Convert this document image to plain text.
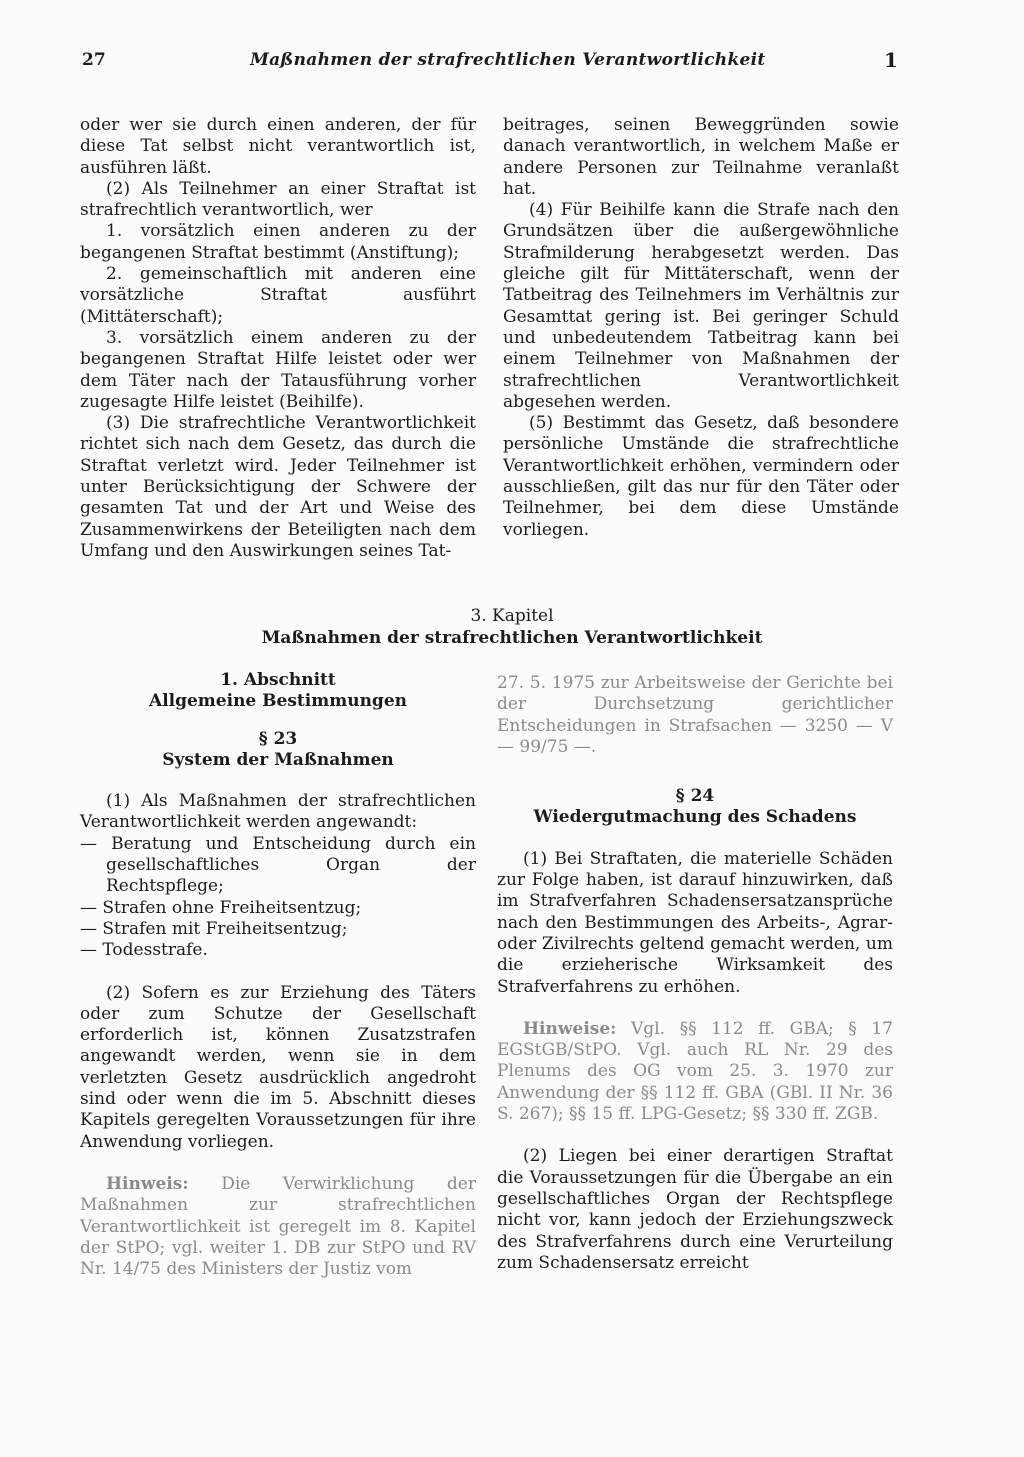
27	Maßnahmen der strafrechtlichen Verantwortlichkeit	1

oder wer sie durch einen anderen, der für diese Tat selbst nicht verantwortlich ist, ausführen läßt.

(2) Als Teilnehmer an einer Straftat ist strafrechtlich verantwortlich, wer

1. vorsätzlich einen anderen zu der begangenen Straftat bestimmt (Anstiftung);

2. gemeinschaftlich mit anderen eine vorsätzliche Straftat ausführt (Mittäterschaft);

3. vorsätzlich einem anderen zu der begangenen Straftat Hilfe leistet oder wer dem Täter nach der Tatausführung vorher zugesagte Hilfe leistet (Beihilfe).

(3) Die strafrechtliche Verantwortlichkeit richtet sich nach dem Gesetz, das durch die Straftat verletzt wird. Jeder Teilnehmer ist unter Berücksichtigung der Schwere der gesamten Tat und der Art und Weise des Zusammenwirkens der Beteiligten nach dem Umfang und den Auswirkungen seines Tat-

beitrages, seinen Beweggründen sowie danach verantwortlich, in welchem Maße er andere Personen zur Teilnahme veranlaßt hat.

(4) Für Beihilfe kann die Strafe nach den Grundsätzen über die außergewöhnliche Strafmilderung herabgesetzt werden. Das gleiche gilt für Mittäterschaft, wenn der Tatbeitrag des Teilnehmers im Verhältnis zur Gesamttat gering ist. Bei geringer Schuld und unbedeutendem Tatbeitrag kann bei einem Teilnehmer von Maßnahmen der strafrechtlichen Verantwortlichkeit abgesehen werden.

(5) Bestimmt das Gesetz, daß besondere persönliche Umstände die strafrechtliche Verantwortlichkeit erhöhen, vermindern oder ausschließen, gilt das nur für den Täter oder Teilnehmer, bei dem diese Umstände vorliegen.

3. Kapitel
Maßnahmen der strafrechtlichen Verantwortlichkeit

1. Abschnitt

Allgemeine Bestimmungen

§ 23

System der Maßnahmen

(1) Als Maßnahmen der strafrechtlichen Verantwortlichkeit werden angewandt:

— Beratung und Entscheidung durch ein gesellschaftliches Organ der Rechtspflege;

— Strafen ohne Freiheitsentzug;

— Strafen mit Freiheitsentzug;

— Todesstrafe.

(2) Sofern es zur Erziehung des Täters oder zum Schutze der Gesellschaft erforderlich ist, können Zusatzstrafen angewandt werden, wenn sie in dem verletzten Gesetz ausdrücklich angedroht sind oder wenn die im 5. Abschnitt dieses Kapitels geregelten Voraussetzungen für ihre Anwendung vorliegen.

Hinweis: Die Verwirklichung der Maßnahmen zur strafrechtlichen Verantwortlichkeit ist geregelt im 8. Kapitel der StPO; vgl. weiter 1. DB zur StPO und RV Nr. 14/75 des Ministers der Justiz vom

27. 5. 1975 zur Arbeitsweise der Gerichte bei der Durchsetzung gerichtlicher Entscheidungen in Strafsachen — 3250 — V — 99/75 —.

§ 24

Wiedergutmachung des Schadens

(1) Bei Straftaten, die materielle Schäden zur Folge haben, ist darauf hinzuwirken, daß im Strafverfahren Schadensersatzansprüche nach den Bestimmungen des Arbeits-, Agrar- oder Zivilrechts geltend gemacht werden, um die erzieherische Wirksamkeit des Strafverfahrens zu erhöhen.

Hinweise: Vgl. §§ 112 ff. GBA; § 17 EGStGB/StPO. Vgl. auch RL Nr. 29 des Plenums des OG vom 25. 3. 1970 zur Anwendung der §§ 112 ff. GBA (GBl. II Nr. 36 S. 267); §§ 15 ff. LPG-Gesetz; §§ 330 ff. ZGB.

(2) Liegen bei einer derartigen Straftat die Voraussetzungen für die Übergabe an ein gesellschaftliches Organ der Rechtspflege nicht vor, kann jedoch der Erziehungszweck des Strafverfahrens durch eine Verurteilung zum Schadensersatz erreicht
